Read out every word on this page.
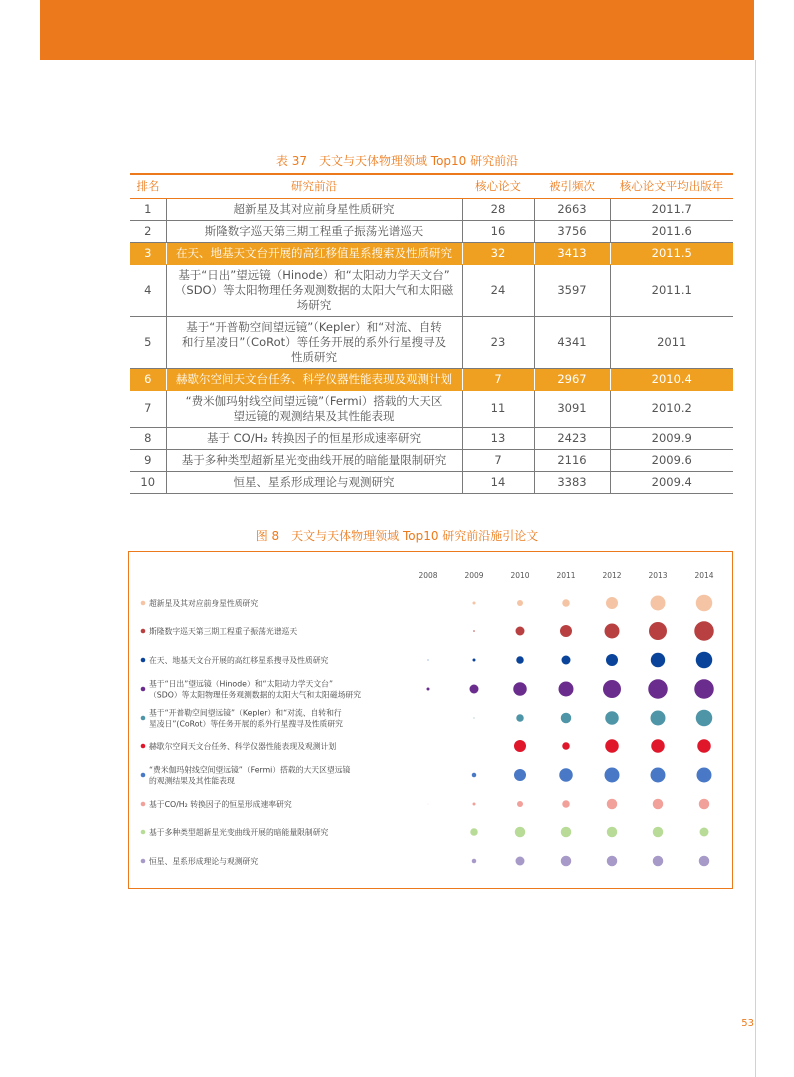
2015 研究前沿
表 37　天文与天体物理领域 Top10 研究前沿
排名	研究前沿	核心论文	被引频次	核心论文平均出版年
1	超新星及其对应前身星性质研究	28	2663	2011.7
2	斯隆数字巡天第三期工程重子振荡光谱巡天	16	3756	2011.6
3	在天、地基天文台开展的高红移值星系搜索及性质研究	32	3413	2011.5
4	基于“日出”望远镜（Hinode）和“太阳动力学天文台”
（SDO）等太阳物理任务观测数据的太阳大气和太阳磁
场研究	24	3597	2011.1
5	基于“开普勒空间望远镜”（Kepler）和“对流、自转
和行星凌日”（CoRot）等任务开展的系外行星搜寻及
性质研究	23	4341	2011
6	赫歇尔空间天文台任务、科学仪器性能表现及观测计划	7	2967	2010.4
7	“费米伽玛射线空间望远镜”（Fermi）搭载的大天区
望远镜的观测结果及其性能表现	11	3091	2010.2
8	基于 CO/H₂ 转换因子的恒星形成速率研究	13	2423	2009.9
9	基于多种类型超新星光变曲线开展的暗能量限制研究	7	2116	2009.6
10	恒星、星系形成理论与观测研究	14	3383	2009.4
图 8　天文与天体物理领域 Top10 研究前沿施引论文
2008	2009	2010	2011	2012	2013	2014
超新星及其对应前身星性质研究
斯隆数字巡天第三期工程重子振荡光谱巡天
在天、地基天文台开展的高红移星系搜寻及性质研究
基于“日出”望远镜（Hinode）和“太阳动力学天文台”
（SDO）等太阳物理任务观测数据的太阳大气和太阳磁场研究
基于“开普勒空间望远镜”（Kepler）和“对流、自转和行
星凌日”(CoRot）等任务开展的系外行星搜寻及性质研究
赫歇尔空间天文台任务、科学仪器性能表现及观测计划
“费米伽玛射线空间望远镜”（Fermi）搭载的大天区望远镜
的观测结果及其性能表现
基于CO/H₂ 转换因子的恒星形成速率研究
基于多种类型超新星光变曲线开展的暗能量限制研究
恒星、星系形成理论与观测研究
53
